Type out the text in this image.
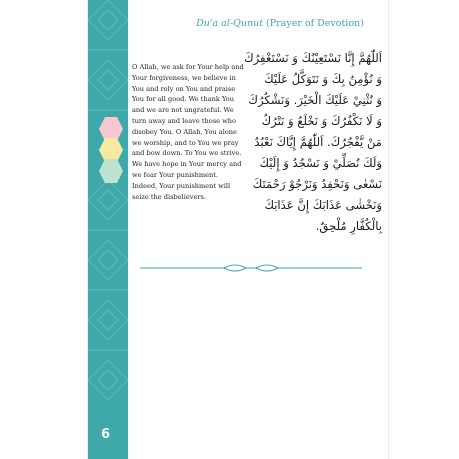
6
Du'a al-Qunut (Prayer of Devotion)
O Allah, we ask for Your help and Your forgiveness, we believe in You and rely on You and praise You for all good. We thank You and we are not ungrateful. We turn away and leave those who disobey You. O Allah, You alone we worship, and to You we pray and bow down. To You we strive. We have hope in Your mercy and we fear Your punishment. Indeed, Your punishment will seize the disbelievers.
اَللّٰهُمَّ إِنَّا نَسْتَعِيْنُكَ وَ نَسْتَغْفِرُكَ
وَ نُؤْمِنُ بِكَ وَ نَتَوَكَّلُ عَلَيْكَ
وَ نُثْنِيْ عَلَيْكَ الْخَيْرَ. وَنَشْكُرُكَ
وَ لَا نَكْفُرُكَ وَ نَخْلَعُ وَ نَتْرُكُ
مَنْ يَّفْجُرُكَ. اَللّٰهُمَّ إِيَّاكَ نَعْبُدُ
وَلَكَ نُصَلِّيْ وَ نَسْجُدُ وَ إِلَيْكَ
نَسْعٰى وَنَحْفِدُ وَنَرْجُوْ رَحْمَتَكَ
وَنَخْشٰى عَذَابَكَ إِنَّ عَذَابَكَ
بِالْكُفَّارِ مُلْحِقٌ.
